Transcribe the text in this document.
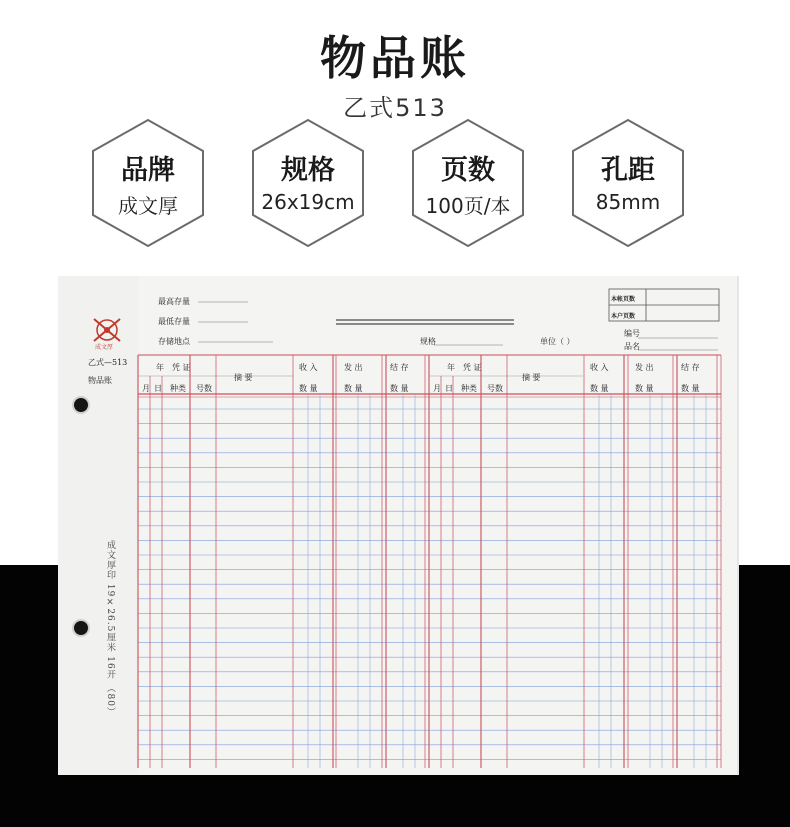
物品账
乙式513
品牌
成文厚
规格
26x19cm
页数
100页/本
孔距
85mm
成文厚
乙式—513
物品账
最高存量
最低存量
存储地点	规格	单位（ ）
编号
品名
本帐页数
本户页数
年 凭 证
月 日 种类 号数
摘 要
收 入	发 出	结 存
数 量	数 量	数 量
年 凭 证
月 日 种类 号数
摘 要
收 入	发 出	结 存
数 量	数 量	数 量
成文厚印 19×26.5厘米 16开 （80）
